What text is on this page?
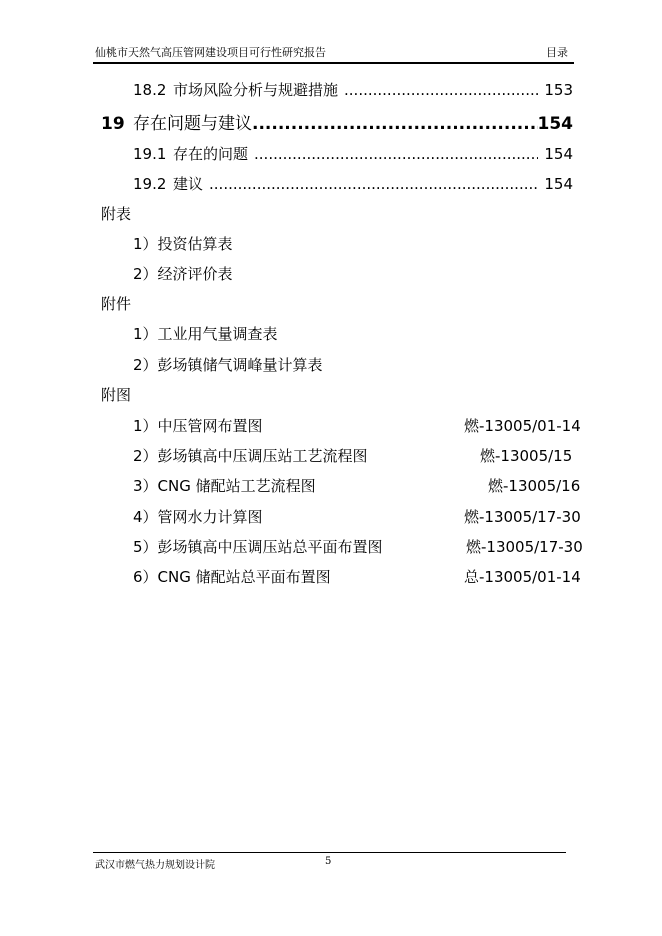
仙桃市天然气高压管网建设项目可行性研究报告	目录
18.2 市场风险分析与规避措施 .....	153
19 存在问题与建议 .....	154
19.1 存在的问题 .....	154
19.2 建议 .....	154
附表
1）投资估算表
2）经济评价表
附件
1）工业用气量调查表
2）彭场镇储气调峰量计算表
附图
1）中压管网布置图	燃-13005/01-14
2）彭场镇高中压调压站工艺流程图	燃-13005/15
3）CNG 储配站工艺流程图	燃-13005/16
4）管网水力计算图	燃-13005/17-30
5）彭场镇高中压调压站总平面布置图	燃-13005/17-30
6）CNG 储配站总平面布置图	总-13005/01-14
武汉市燃气热力规划设计院	5
